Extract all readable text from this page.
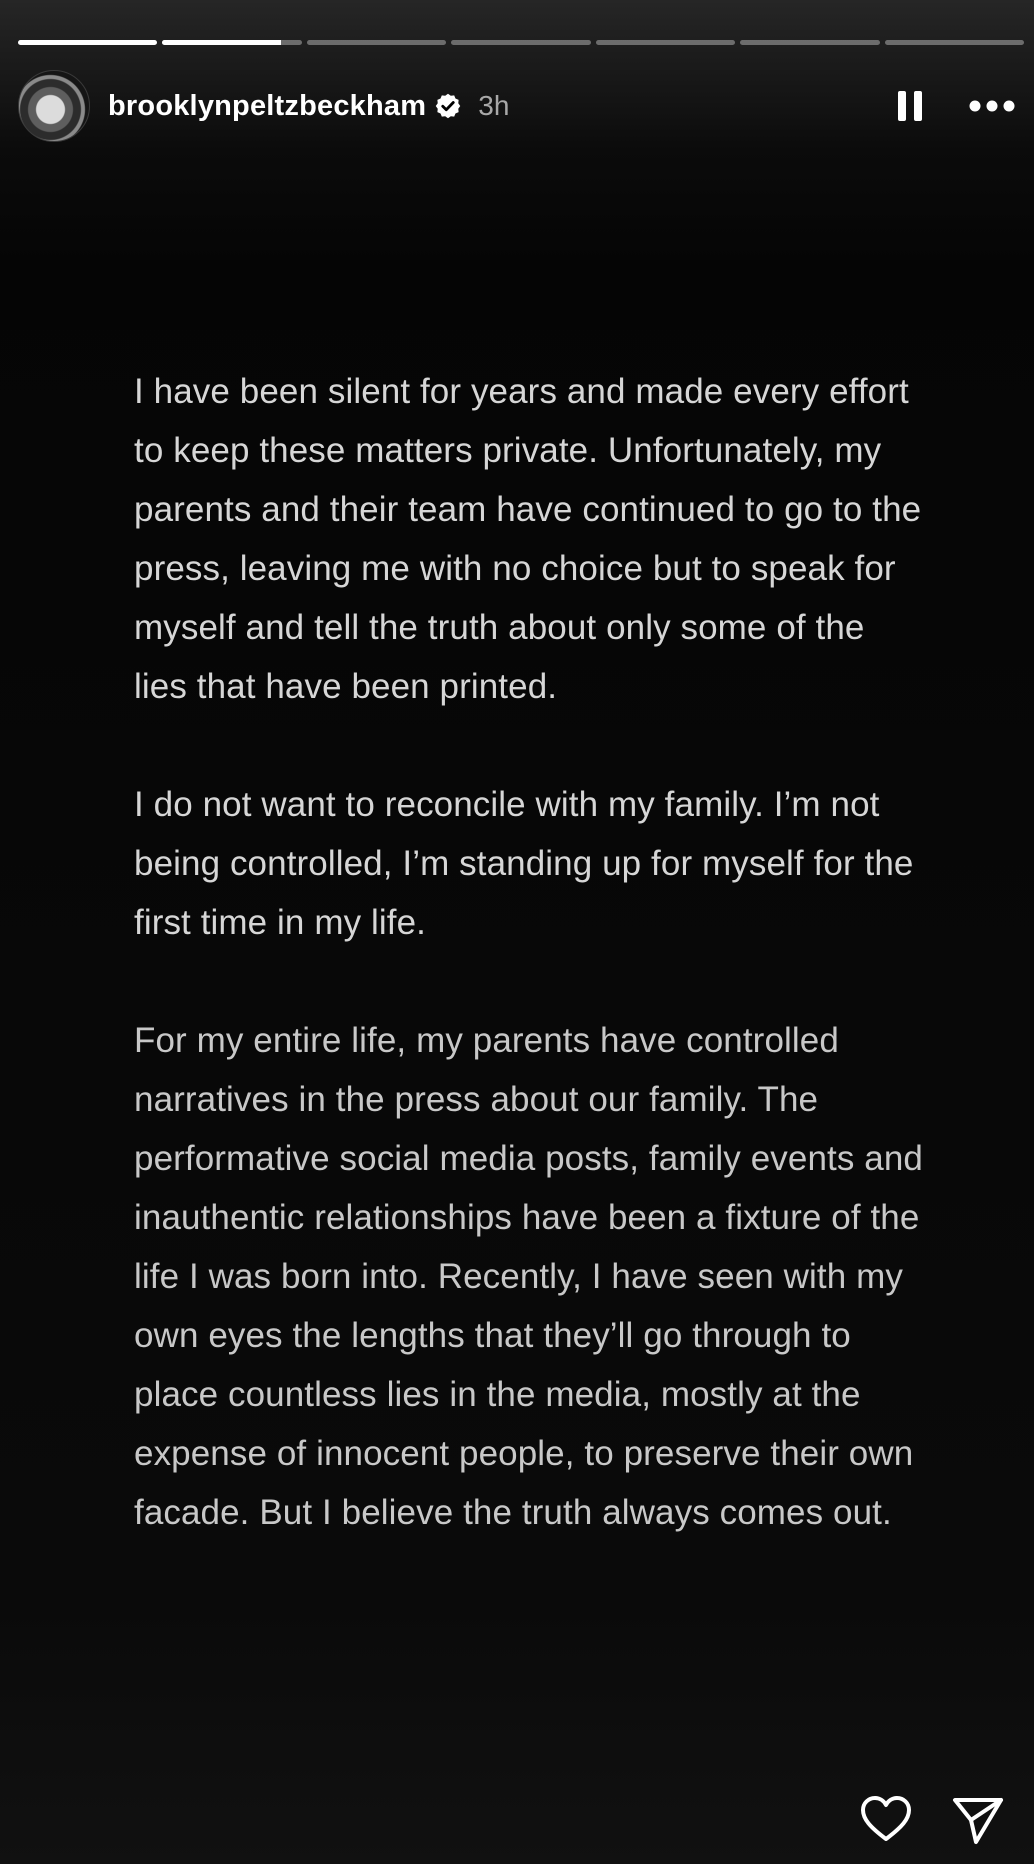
brooklynpeltzbeckham 3h

I have been silent for years and made every effort to keep these matters private. Unfortunately, my parents and their team have continued to go to the press, leaving me with no choice but to speak for myself and tell the truth about only some of the lies that have been printed.

I do not want to reconcile with my family. I’m not being controlled, I’m standing up for myself for the first time in my life.

For my entire life, my parents have controlled narratives in the press about our family. The performative social media posts, family events and inauthentic relationships have been a fixture of the life I was born into. Recently, I have seen with my own eyes the lengths that they’ll go through to place countless lies in the media, mostly at the expense of innocent people, to preserve their own facade. But I believe the truth always comes out.
